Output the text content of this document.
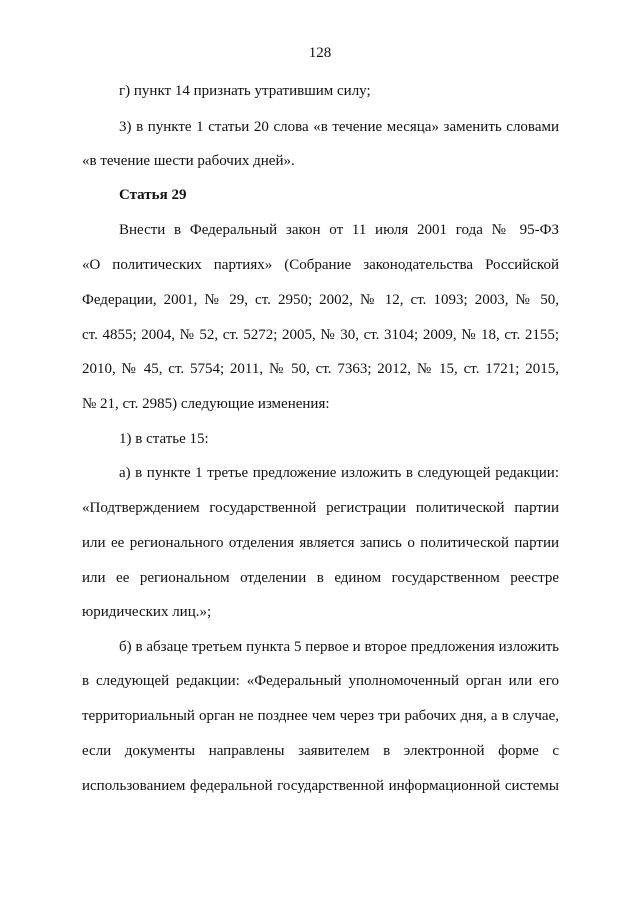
128
г) пункт 14 признать утратившим силу;
3) в пункте 1 статьи 20 слова «в течение месяца» заменить словами
«в течение шести рабочих дней».
Статья 29
Внести в Федеральный закон от 11 июля 2001 года № 95-ФЗ
«О политических партиях» (Собрание законодательства Российской
Федерации, 2001, № 29, ст. 2950; 2002, № 12, ст. 1093; 2003, № 50,
ст. 4855; 2004, № 52, ст. 5272; 2005, № 30, ст. 3104; 2009, № 18, ст. 2155;
2010, № 45, ст. 5754; 2011, № 50, ст. 7363; 2012, № 15, ст. 1721; 2015,
№ 21, ст. 2985) следующие изменения:
1) в статье 15:
а) в пункте 1 третье предложение изложить в следующей редакции:
«Подтверждением государственной регистрации политической партии
или ее регионального отделения является запись о политической партии
или ее региональном отделении в едином государственном реестре
юридических лиц.»;
б) в абзаце третьем пункта 5 первое и второе предложения изложить
в следующей редакции: «Федеральный уполномоченный орган или его
территориальный орган не позднее чем через три рабочих дня, а в случае,
если документы направлены заявителем в электронной форме с
использованием федеральной государственной информационной системы
